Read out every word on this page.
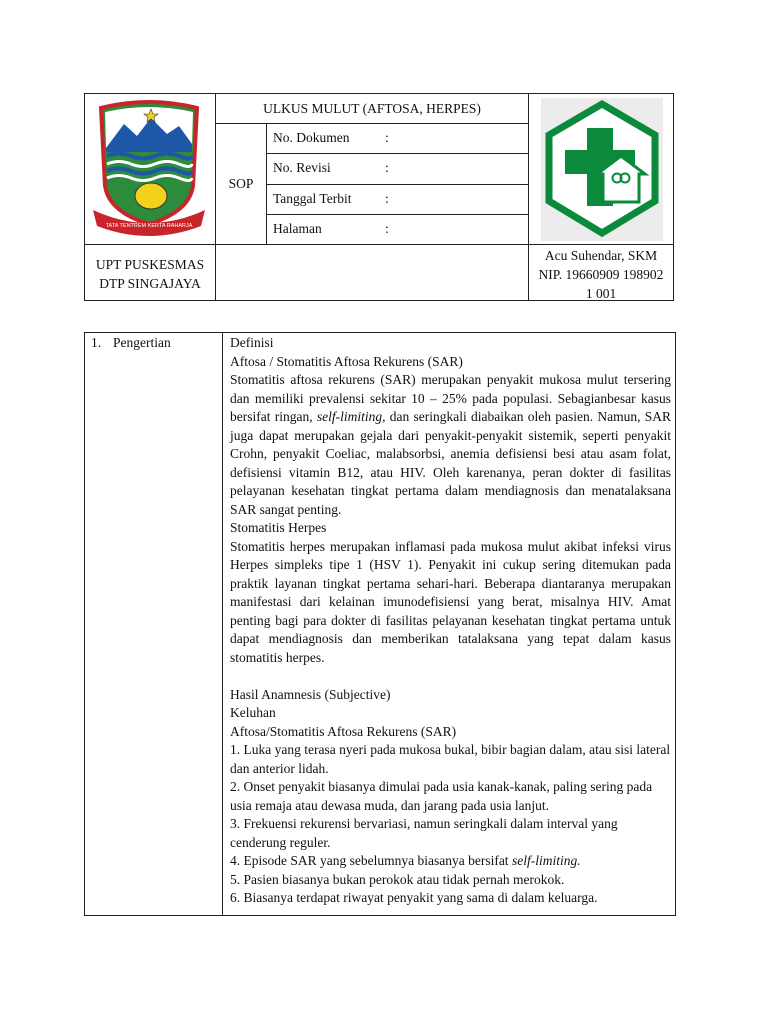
TATA TENTREM KERTA RAHARJA
ULKUS MULUT (AFTOSA, HERPES)
SOP
No. Dokumen	:
No. Revisi	:
Tanggal Terbit :
Halaman	:
UPT PUSKESMAS
DTP SINGAJAYA
Acu Suhendar, SKM
NIP. 19660909 198902
1 001
1. Pengertian	Definisi

Aftosa / Stomatitis Aftosa Rekurens (SAR)

Stomatitis aftosa rekurens (SAR) merupakan penyakit mukosa mulut tersering dan memiliki prevalensi sekitar 10 – 25% pada populasi. Sebagianbesar kasus bersifat ringan, self-limiting, dan seringkali diabaikan oleh pasien. Namun, SAR juga dapat merupakan gejala dari penyakit-penyakit sistemik, seperti penyakit Crohn, penyakit Coeliac, malabsorbsi, anemia defisiensi besi atau asam folat, defisiensi vitamin B12, atau HIV. Oleh karenanya, peran dokter di fasilitas pelayanan kesehatan tingkat pertama dalam mendiagnosis dan menatalaksana SAR sangat penting.

Stomatitis Herpes

Stomatitis herpes merupakan inflamasi pada mukosa mulut akibat infeksi virus Herpes simpleks tipe 1 (HSV 1). Penyakit ini cukup sering ditemukan pada praktik layanan tingkat pertama sehari-hari. Beberapa diantaranya merupakan manifestasi dari kelainan imunodefisiensi yang berat, misalnya HIV. Amat penting bagi para dokter di fasilitas pelayanan kesehatan tingkat pertama untuk dapat mendiagnosis dan memberikan tatalaksana yang tepat dalam kasus stomatitis herpes.

Hasil Anamnesis (Subjective)

Keluhan

Aftosa/Stomatitis Aftosa Rekurens (SAR)

1. Luka yang terasa nyeri pada mukosa bukal, bibir bagian dalam, atau sisi lateral dan anterior lidah.

2. Onset penyakit biasanya dimulai pada usia kanak-kanak, paling sering pada usia remaja atau dewasa muda, dan jarang pada usia lanjut.

3. Frekuensi rekurensi bervariasi, namun seringkali dalam interval yang cenderung reguler.

4. Episode SAR yang sebelumnya biasanya bersifat self-limiting.

5. Pasien biasanya bukan perokok atau tidak pernah merokok.

6. Biasanya terdapat riwayat penyakit yang sama di dalam keluarga.
